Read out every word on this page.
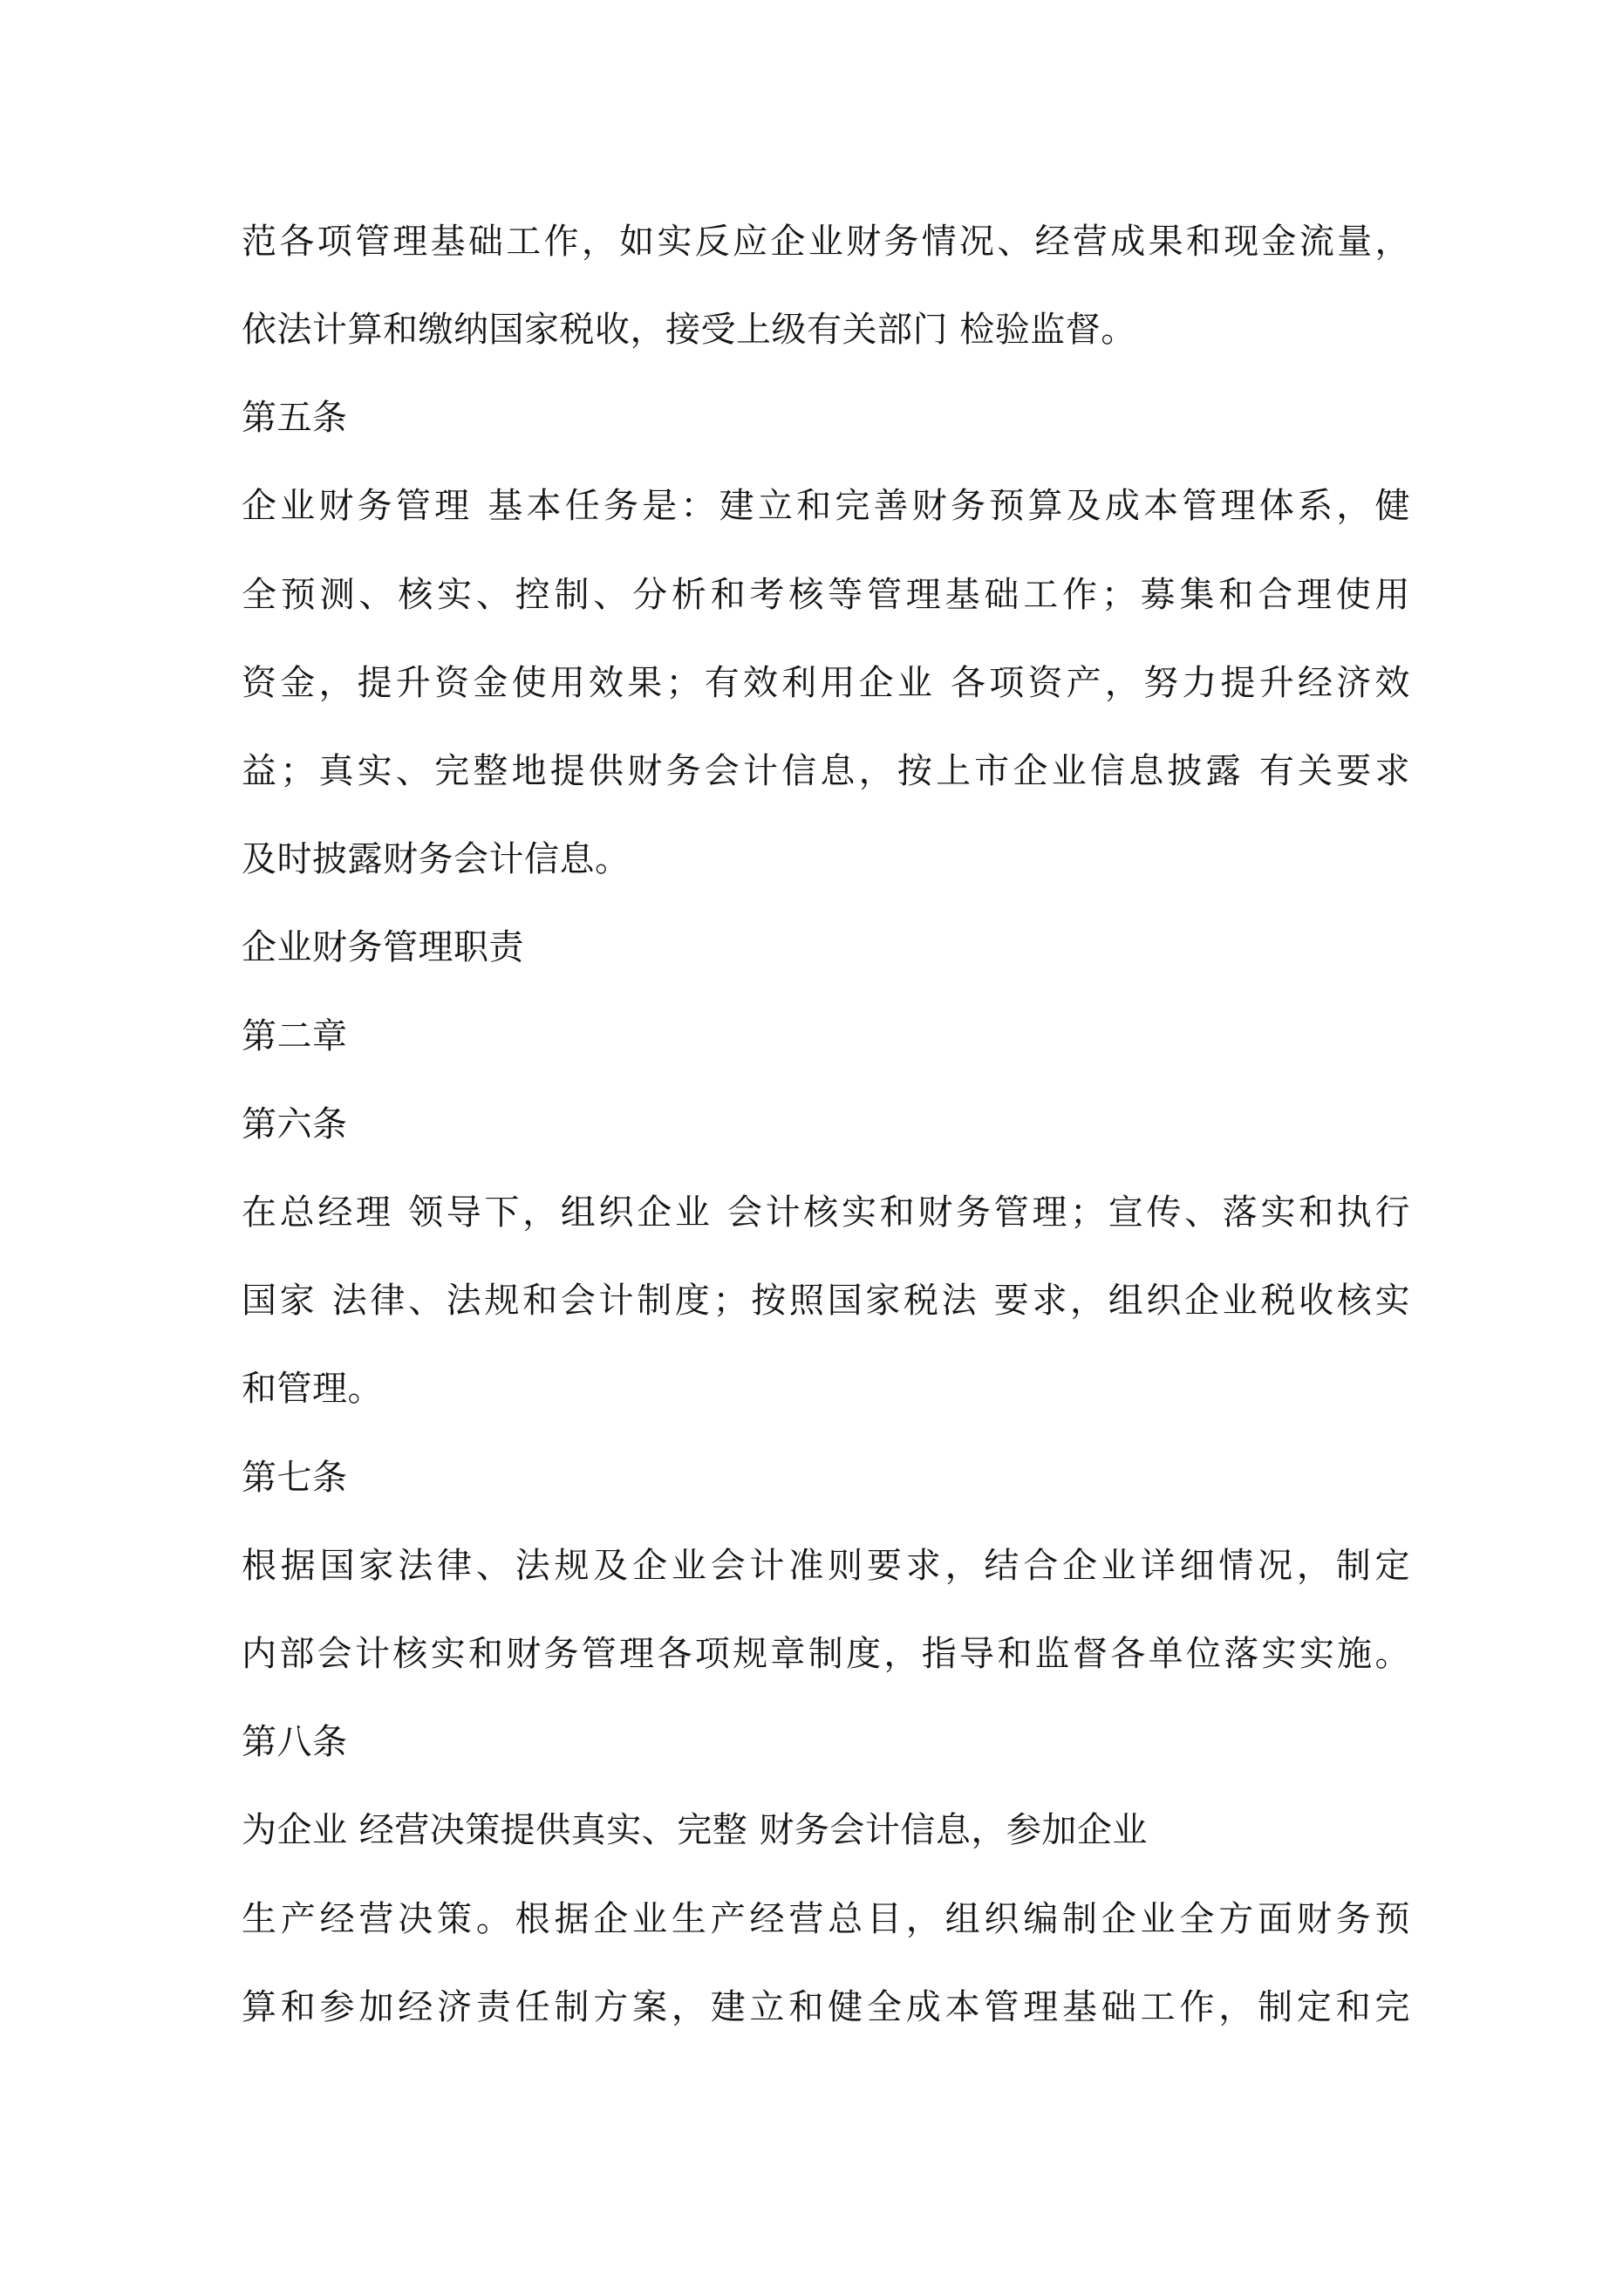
范各项管理基础工作，如实反应企业财务情况、经营成果和现金流量，
依法计算和缴纳国家税收，接受上级有关部门 检验监督。
第五条
企业财务管理 基本任务是：建立和完善财务预算及成本管理体系，健
全预测、核实、控制、分析和考核等管理基础工作；募集和合理使用
资金，提升资金使用效果；有效利用企业 各项资产，努力提升经济效
益；真实、完整地提供财务会计信息，按上市企业信息披露 有关要求
及时披露财务会计信息。
企业财务管理职责
第二章
第六条
在总经理 领导下，组织企业 会计核实和财务管理；宣传、落实和执行
国家 法律、法规和会计制度；按照国家税法 要求，组织企业税收核实
和管理。
第七条
根据国家法律、法规及企业会计准则要求，结合企业详细情况，制定
内部会计核实和财务管理各项规章制度，指导和监督各单位落实实施。
第八条
为企业 经营决策提供真实、完整 财务会计信息，参加企业
生产经营决策。根据企业生产经营总目，组织编制企业全方面财务预
算和参加经济责任制方案，建立和健全成本管理基础工作，制定和完
